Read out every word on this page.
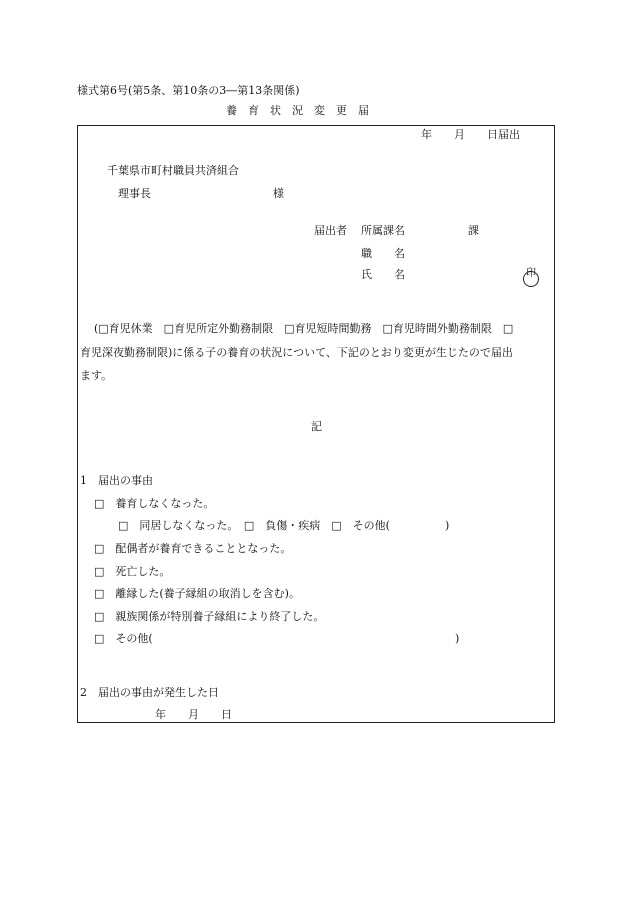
様式第6号(第5条、第10条の3―第13条関係)
養　育　状　況　変　更　届
年　　月　　日届出
千葉県市町村職員共済組合
理事長	様
届出者 所属課名	課
職　　名
氏　　名	印
(□育児休業　□育児所定外勤務制限　□育児短時間勤務　□育児時間外勤務制限　□
育児深夜勤務制限)に係る子の養育の状況について、下記のとおり変更が生じたので届出
ます。
記
1　届出の事由
□　養育しなくなった。
□　同居しなくなった。　□　負傷・疾病　□　その他(　　　　　)
□　配偶者が養育できることとなった。
□　死亡した。
□　離縁した(養子縁組の取消しを含む)。
□　親族関係が特別養子縁組により終了した。
□　その他(	)
2　届出の事由が発生した日
年　　月　　日
